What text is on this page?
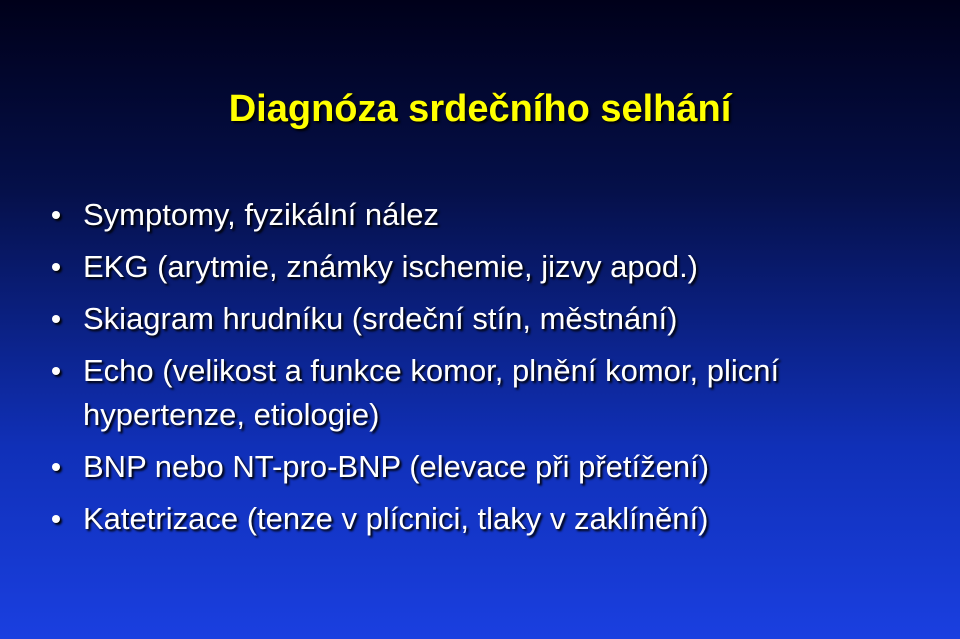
Diagnóza srdečního selhání
Symptomy, fyzikální nález
EKG (arytmie, známky ischemie, jizvy apod.)
Skiagram hrudníku (srdeční stín, městnání)
Echo (velikost a funkce komor, plnění komor, plicní hypertenze, etiologie)
BNP nebo NT-pro-BNP (elevace při přetížení)
Katetrizace (tenze v plícnici, tlaky v zaklínění)
